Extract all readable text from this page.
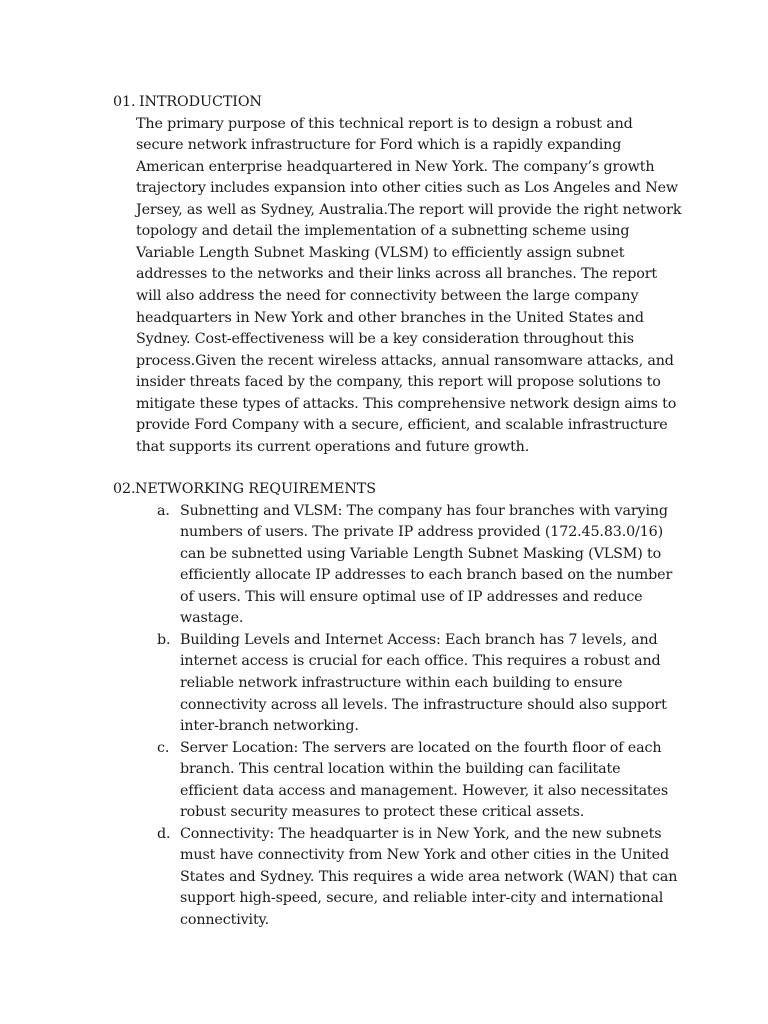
01. INTRODUCTION

The primary purpose of this technical report is to design a robust and secure network infrastructure for Ford which is a rapidly expanding American enterprise headquartered in New York. The company’s growth trajectory includes expansion into other cities such as Los Angeles and New Jersey, as well as Sydney, Australia.The report will provide the right network topology and detail the implementation of a subnetting scheme using Variable Length Subnet Masking (VLSM) to efficiently assign subnet addresses to the networks and their links across all branches. The report will also address the need for connectivity between the large company headquarters in New York and other branches in the United States and Sydney. Cost-effectiveness will be a key consideration throughout this process.Given the recent wireless attacks, annual ransomware attacks, and insider threats faced by the company, this report will propose solutions to mitigate these types of attacks. This comprehensive network design aims to provide Ford Company with a secure, efficient, and scalable infrastructure that supports its current operations and future growth.

02.NETWORKING REQUIREMENTS
a. Subnetting and VLSM: The company has four branches with varying numbers of users. The private IP address provided (172.45.83.0/16) can be subnetted using Variable Length Subnet Masking (VLSM) to efficiently allocate IP addresses to each branch based on the number of users. This will ensure optimal use of IP addresses and reduce wastage.
b. Building Levels and Internet Access: Each branch has 7 levels, and internet access is crucial for each office. This requires a robust and reliable network infrastructure within each building to ensure connectivity across all levels. The infrastructure should also support inter-branch networking.
c. Server Location: The servers are located on the fourth floor of each branch. This central location within the building can facilitate efficient data access and management. However, it also necessitates robust security measures to protect these critical assets.
d. Connectivity: The headquarter is in New York, and the new subnets must have connectivity from New York and other cities in the United States and Sydney. This requires a wide area network (WAN) that can support high-speed, secure, and reliable inter-city and international connectivity.
